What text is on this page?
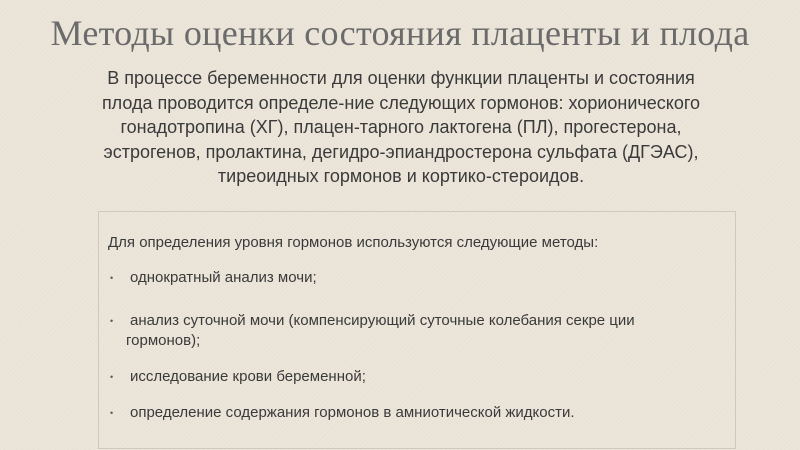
Методы оценки состояния плаценты и плода
В процессе беременности для оценки функции плаценты и состояния плода проводится определе-ние следующих гормонов: хорионического гонадотропина (ХГ), плацен-тарного лактогена (ПЛ), прогестерона, эстрогенов, пролактина, дегидро-эпиандростерона сульфата (ДГЭАС), тиреоидных гормонов и кортико-стероидов.
Для определения уровня гормонов используются следующие методы:
•	однократный анализ мочи;
•	анализ суточной мочи (компенсирующий суточные колебания секре ции
гормонов);
•	исследование крови беременной;
•	определение содержания гормонов в амниотической жидкости.
